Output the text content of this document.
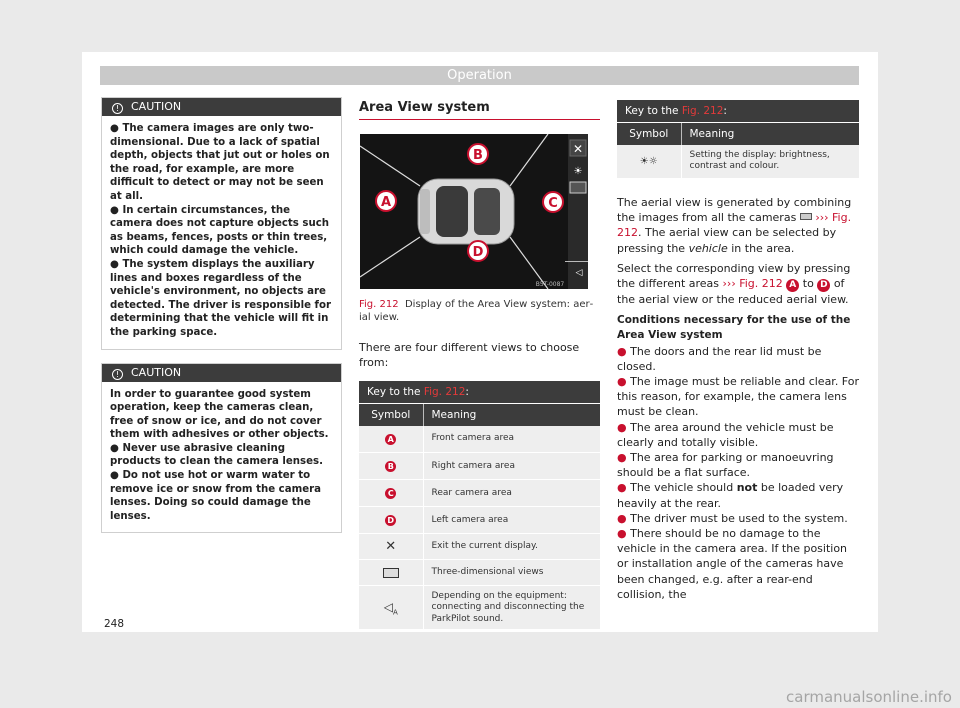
Operation
! CAUTION

● The camera images are only two-dimensional. Due to a lack of spatial depth, objects that jut out or holes on the road, for example, are more difficult to detect or may not be seen at all.

● In certain circumstances, the camera does not capture objects such as beams, fences, posts or thin trees, which could damage the vehicle.

● The system displays the auxiliary lines and boxes regardless of the vehicle's environment, no objects are detected. The driver is responsible for determining that the vehicle will fit in the parking space.

! CAUTION

In order to guarantee good system operation, keep the cameras clean, free of snow or ice, and do not cover them with adhesives or other objects.

● Never use abrasive cleaning products to clean the camera lenses.

● Do not use hot or warm water to remove ice or snow from the camera lenses. Doing so could damage the lenses.

Area View system
✕
☀
◁
B5T-0087
B
A	C
D
Fig. 212 Display of the Area View system: aerial view.
There are four different views to choose from:
Key to the Fig. 212:	
Symbol	Meaning
A	Front camera area
B	Right camera area
C	Rear camera area
D	Left camera area
✕	Exit the current display.
	Three-dimensional views
$◁_A$	Depending on the equipment: connecting and disconnecting the ParkPilot sound.
Key to the Fig. 212:	
Symbol	Meaning
☀☼	Setting the display: brightness, contrast and colour.
The aerial view is generated by combining the images from all the cameras ››› Fig. 212. The aerial view can be selected by pressing the vehicle in the area.
Select the corresponding view by pressing the different areas ››› Fig. 212 A to D of the aerial view or the reduced aerial view.
Conditions necessary for the use of the Area View system
● The doors and the rear lid must be closed.
● The image must be reliable and clear. For this reason, for example, the camera lens must be clean.
● The area around the vehicle must be clearly and totally visible.
● The area for parking or manoeuvring should be a flat surface.
● The vehicle should not be loaded very heavily at the rear.
● The driver must be used to the system.
● There should be no damage to the vehicle in the camera area. If the position or installation angle of the cameras have been changed, e.g. after a rear-end collision, the
248
carmanualsonline.info
